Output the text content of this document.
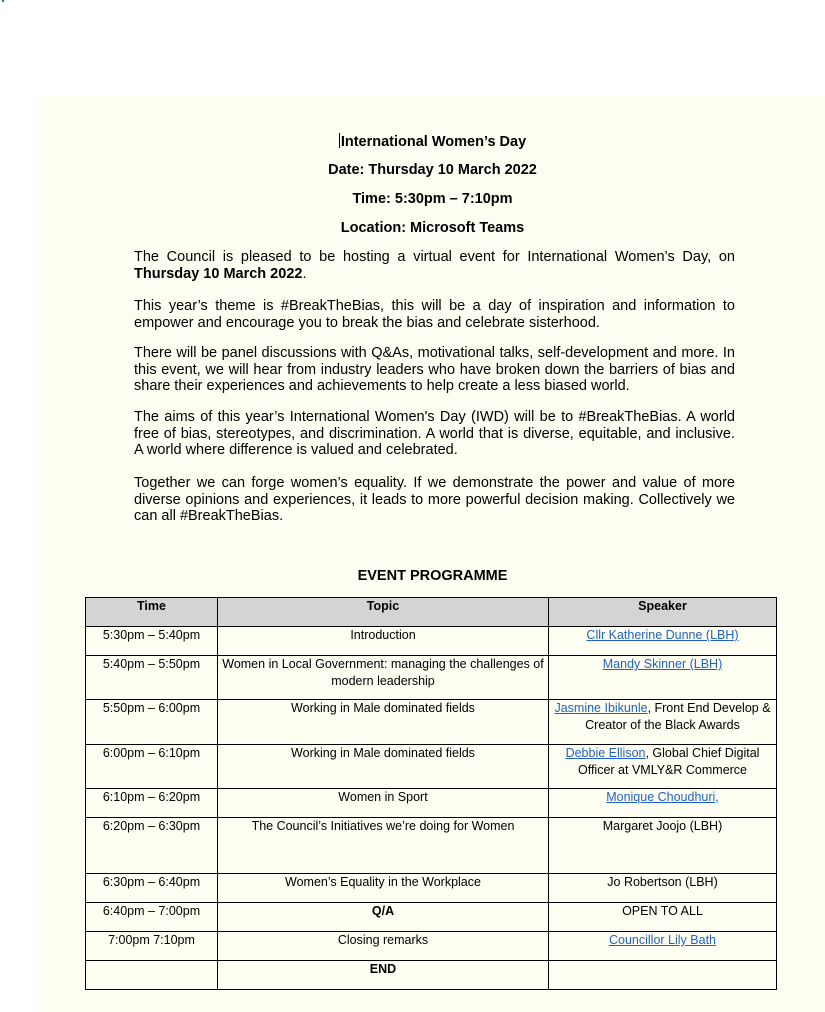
International Women’s Day
Date: Thursday 10 March 2022
Time: 5:30pm – 7:10pm
Location: Microsoft Teams

The Council is pleased to be hosting a virtual event for International Women’s Day, on Thursday 10 March 2022.

This year’s theme is #BreakTheBias, this will be a day of inspiration and information to empower and encourage you to break the bias and celebrate sisterhood.

There will be panel discussions with Q&As, motivational talks, self-development and more. In this event, we will hear from industry leaders who have broken down the barriers of bias and share their experiences and achievements to help create a less biased world.

The aims of this year’s International Women's Day (IWD) will be to #BreakTheBias. A world free of bias, stereotypes, and discrimination. A world that is diverse, equitable, and inclusive. A world where difference is valued and celebrated.

Together we can forge women’s equality. If we demonstrate the power and value of more diverse opinions and experiences, it leads to more powerful decision making. Collectively we can all #BreakTheBias.

EVENT PROGRAMME
Time	Topic	Speaker
5:30pm – 5:40pm	Introduction	Cllr Katherine Dunne (LBH)
5:40pm – 5:50pm	Women in Local Government: managing the challenges of modern leadership	Mandy Skinner (LBH)
5:50pm – 6:00pm	Working in Male dominated fields	Jasmine Ibikunle, Front End Develop & Creator of the Black Awards
6:00pm – 6:10pm	Working in Male dominated fields	Debbie Ellison, Global Chief Digital Officer at VMLY&R Commerce
6:10pm – 6:20pm	Women in Sport	Monique Choudhuri,
6:20pm – 6:30pm	The Council’s Initiatives we’re doing for Women	Margaret Joojo (LBH)
6:30pm – 6:40pm	Women’s Equality in the Workplace	Jo Robertson (LBH)
6:40pm – 7:00pm	Q/A	OPEN TO ALL
7:00pm 7:10pm	Closing remarks	Councillor Lily Bath
	END	
